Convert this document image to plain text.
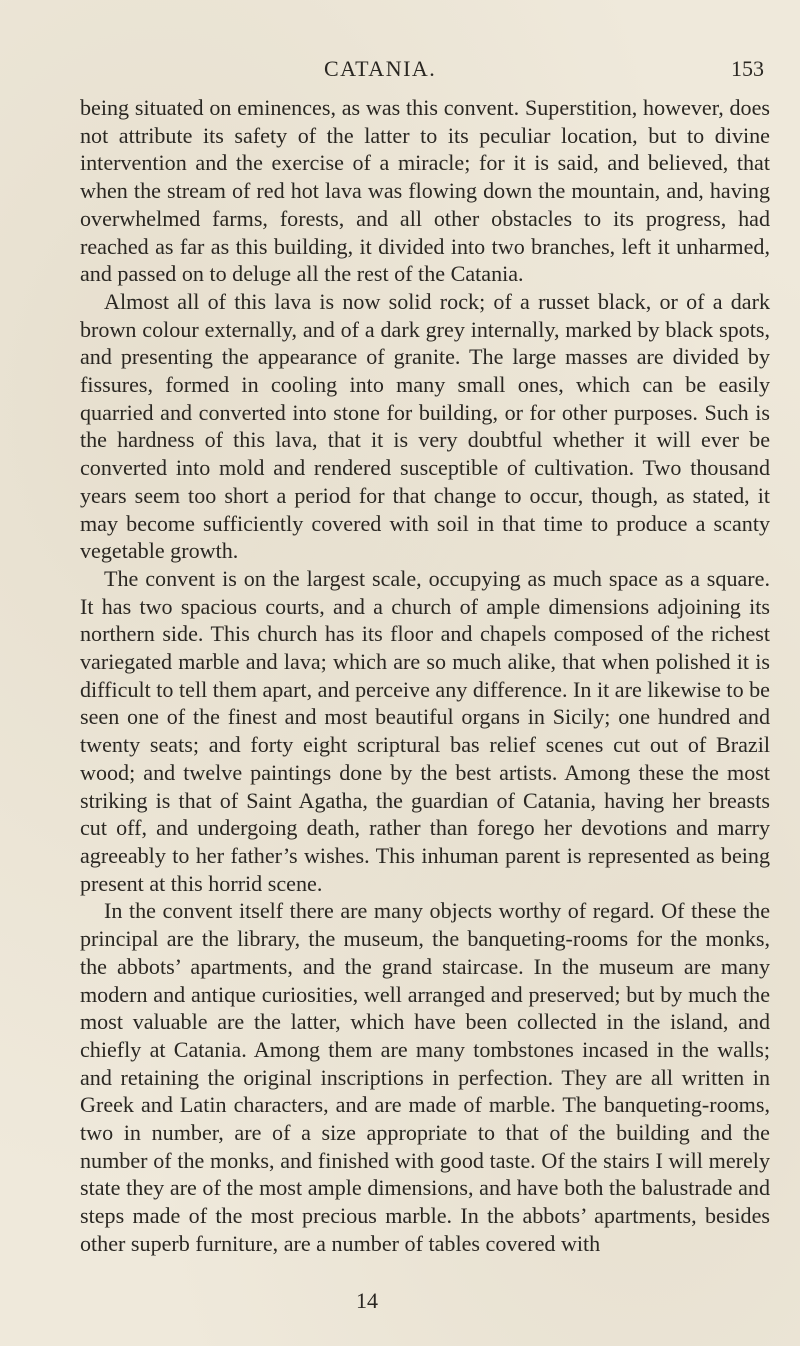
CATANIA.	153

being situated on eminences, as was this convent. Superstition, however, does not attribute its safety of the latter to its peculiar location, but to divine intervention and the exercise of a miracle; for it is said, and believed, that when the stream of red hot lava was flowing down the mountain, and, having overwhelmed farms, forests, and all other obstacles to its progress, had reached as far as this building, it divided into two branches, left it unharmed, and passed on to deluge all the rest of the Catania.

Almost all of this lava is now solid rock; of a russet black, or of a dark brown colour externally, and of a dark grey internally, marked by black spots, and presenting the appearance of granite. The large masses are divided by fissures, formed in cooling into many small ones, which can be easily quarried and converted into stone for building, or for other purposes. Such is the hardness of this lava, that it is very doubtful whether it will ever be converted into mold and rendered susceptible of cultivation. Two thousand years seem too short a period for that change to occur, though, as stated, it may become sufficiently covered with soil in that time to produce a scanty vegetable growth.

The convent is on the largest scale, occupying as much space as a square. It has two spacious courts, and a church of ample dimensions adjoining its northern side. This church has its floor and chapels composed of the richest variegated marble and lava; which are so much alike, that when polished it is difficult to tell them apart, and perceive any difference. In it are likewise to be seen one of the finest and most beautiful organs in Sicily; one hundred and twenty seats; and forty eight scriptural bas relief scenes cut out of Brazil wood; and twelve paintings done by the best artists. Among these the most striking is that of Saint Agatha, the guardian of Catania, having her breasts cut off, and undergoing death, rather than forego her devotions and marry agreeably to her father’s wishes. This inhuman parent is represented as being present at this horrid scene.

In the convent itself there are many objects worthy of regard. Of these the principal are the library, the museum, the banqueting-rooms for the monks, the abbots’ apartments, and the grand staircase. In the museum are many modern and antique curiosities, well arranged and preserved; but by much the most valuable are the latter, which have been collected in the island, and chiefly at Catania. Among them are many tombstones incased in the walls; and retaining the original inscriptions in perfection. They are all written in Greek and Latin characters, and are made of marble. The banqueting-rooms, two in number, are of a size appropriate to that of the building and the number of the monks, and finished with good taste. Of the stairs I will merely state they are of the most ample dimensions, and have both the balustrade and steps made of the most precious marble. In the abbots’ apartments, besides other superb furniture, are a number of tables covered with

14
